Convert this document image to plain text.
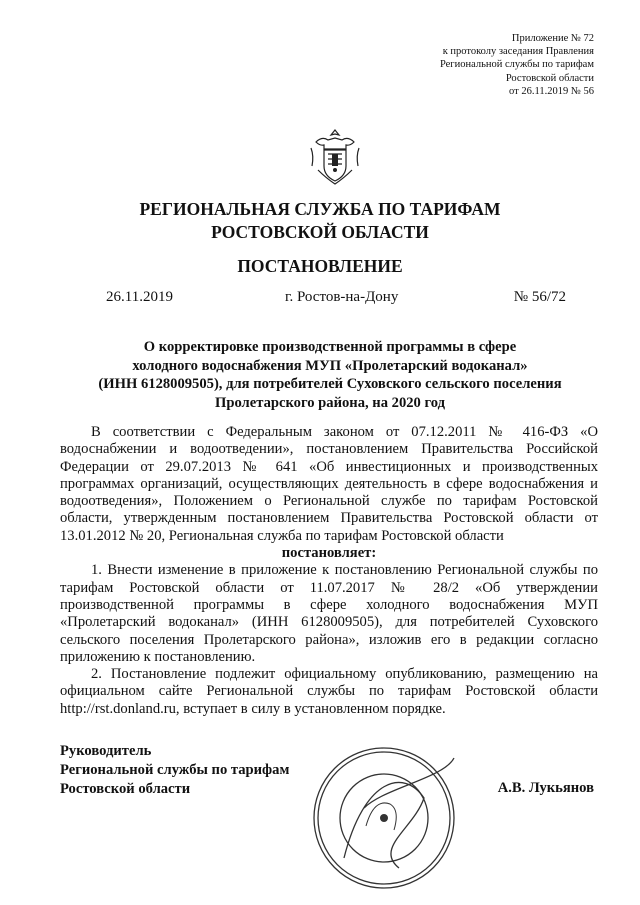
Приложение № 72
к протоколу заседания Правления
Региональной службы по тарифам
Ростовской области
от 26.11.2019 № 56
РЕГИОНАЛЬНАЯ СЛУЖБА ПО ТАРИФАМ
РОСТОВСКОЙ ОБЛАСТИ
ПОСТАНОВЛЕНИЕ
26.11.2019	г. Ростов-на-Дону	№ 56/72
О корректировке производственной программы в сфере
холодного водоснабжения МУП «Пролетарский водоканал»
(ИНН 6128009505), для потребителей Суховского сельского поселения
Пролетарского района, на 2020 год

В соответствии с Федеральным законом от 07.12.2011 № 416-ФЗ «О водоснабжении и водоотведении», постановлением Правительства Российской Федерации от 29.07.2013 № 641 «Об инвестиционных и производственных программах организаций, осуществляющих деятельность в сфере водоснабжения и водоотведения», Положением о Региональной службе по тарифам Ростовской области, утвержденным постановлением Правительства Ростовской области от 13.01.2012 № 20, Региональная служба по тарифам Ростовской области

постановляет:

1. Внести изменение в приложение к постановлению Региональной службы по тарифам Ростовской области от 11.07.2017 № 28/2 «Об утверждении производственной программы в сфере холодного водоснабжения МУП «Пролетарский водоканал» (ИНН 6128009505), для потребителей Суховского сельского поселения Пролетарского района», изложив его в редакции согласно приложению к постановлению.

2. Постановление подлежит официальному опубликованию, размещению на официальном сайте Региональной службы по тарифам Ростовской области http://rst.donland.ru, вступает в силу в установленном порядке.

Руководитель
Региональной службы по тарифам
Ростовской области	А.В. Лукьянов
